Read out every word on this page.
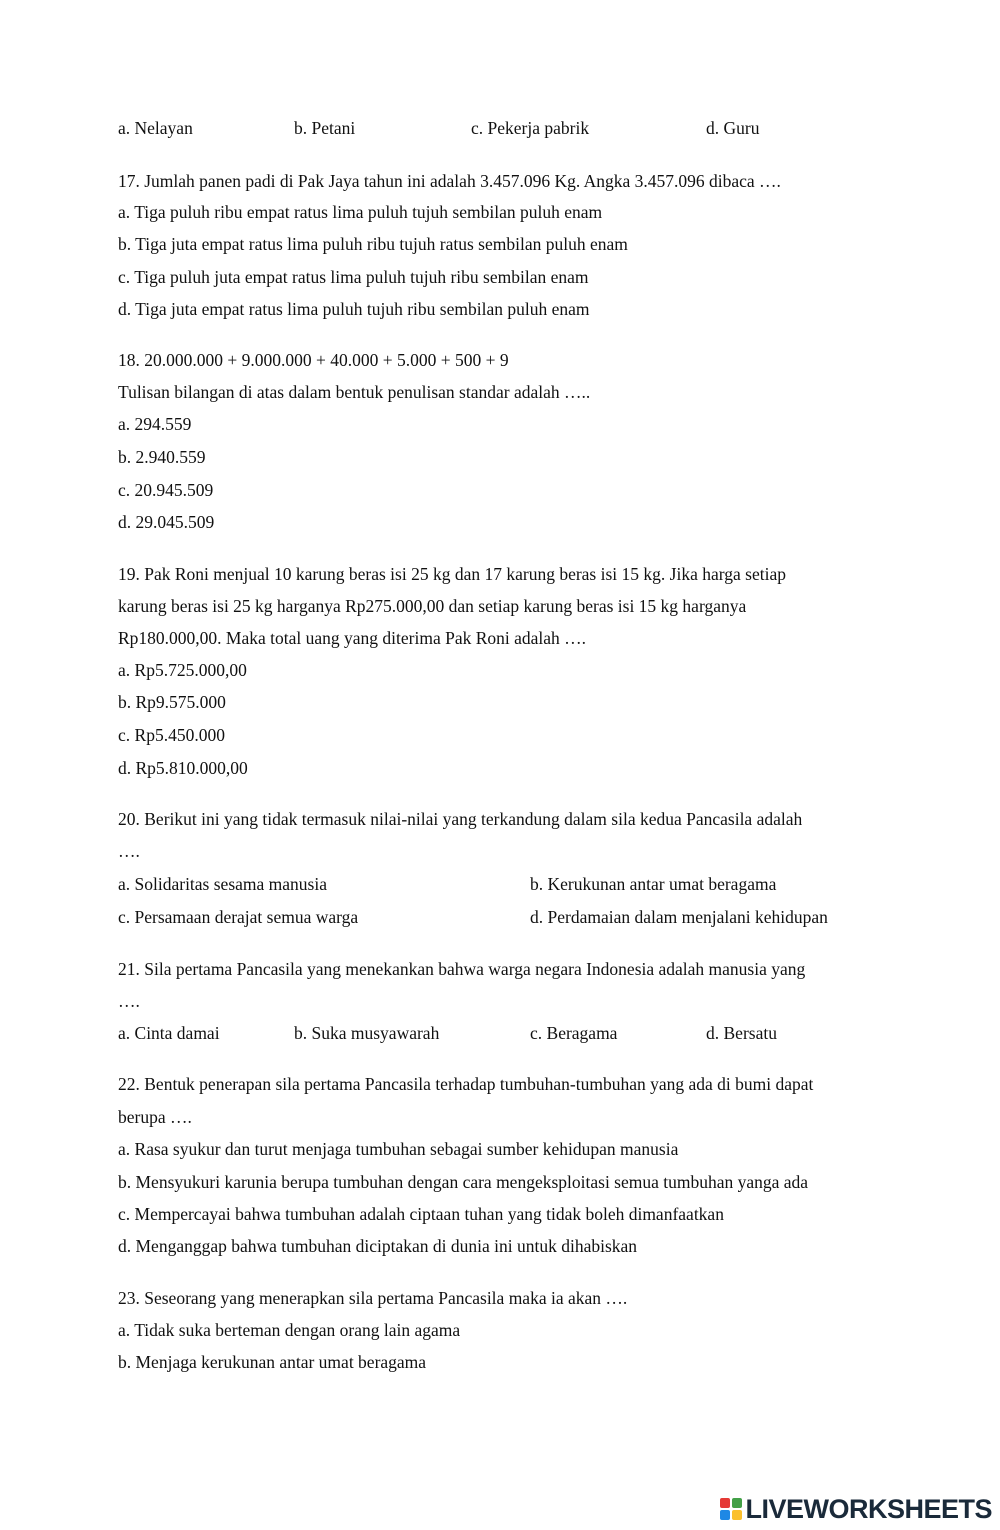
a. Nelayan	b. Petani	c. Pekerja pabrik	d. Guru
17. Jumlah panen padi di Pak Jaya tahun ini adalah 3.457.096 Kg. Angka 3.457.096 dibaca ….
a. Tiga puluh ribu empat ratus lima puluh tujuh sembilan puluh enam
b. Tiga juta empat ratus lima puluh ribu tujuh ratus sembilan puluh enam
c. Tiga puluh juta empat ratus lima puluh tujuh ribu sembilan enam
d. Tiga juta empat ratus lima puluh tujuh ribu sembilan puluh enam
18. 20.000.000 + 9.000.000 + 40.000 + 5.000 + 500 + 9
Tulisan bilangan di atas dalam bentuk penulisan standar adalah …..
a. 294.559
b. 2.940.559
c. 20.945.509
d. 29.045.509
19. Pak Roni menjual 10 karung beras isi 25 kg dan 17 karung beras isi 15 kg. Jika harga setiap
karung beras isi 25 kg harganya Rp275.000,00 dan setiap karung beras isi 15 kg harganya
Rp180.000,00. Maka total uang yang diterima Pak Roni adalah ….
a. Rp5.725.000,00
b. Rp9.575.000
c. Rp5.450.000
d. Rp5.810.000,00
20. Berikut ini yang tidak termasuk nilai-nilai yang terkandung dalam sila kedua Pancasila adalah
….
a. Solidaritas sesama manusia	b. Kerukunan antar umat beragama
c. Persamaan derajat semua warga	d. Perdamaian dalam menjalani kehidupan
21. Sila pertama Pancasila yang menekankan bahwa warga negara Indonesia adalah manusia yang
….
a. Cinta damai	b. Suka musyawarah	c. Beragama	d. Bersatu
22. Bentuk penerapan sila pertama Pancasila terhadap tumbuhan-tumbuhan yang ada di bumi dapat
berupa ….
a. Rasa syukur dan turut menjaga tumbuhan sebagai sumber kehidupan manusia
b. Mensyukuri karunia berupa tumbuhan dengan cara mengeksploitasi semua tumbuhan yanga ada
c. Mempercayai bahwa tumbuhan adalah ciptaan tuhan yang tidak boleh dimanfaatkan
d. Menganggap bahwa tumbuhan diciptakan di dunia ini untuk dihabiskan
23. Seseorang yang menerapkan sila pertama Pancasila maka ia akan ….
a. Tidak suka berteman dengan orang lain agama
b. Menjaga kerukunan antar umat beragama
LIVEWORKSHEETS
